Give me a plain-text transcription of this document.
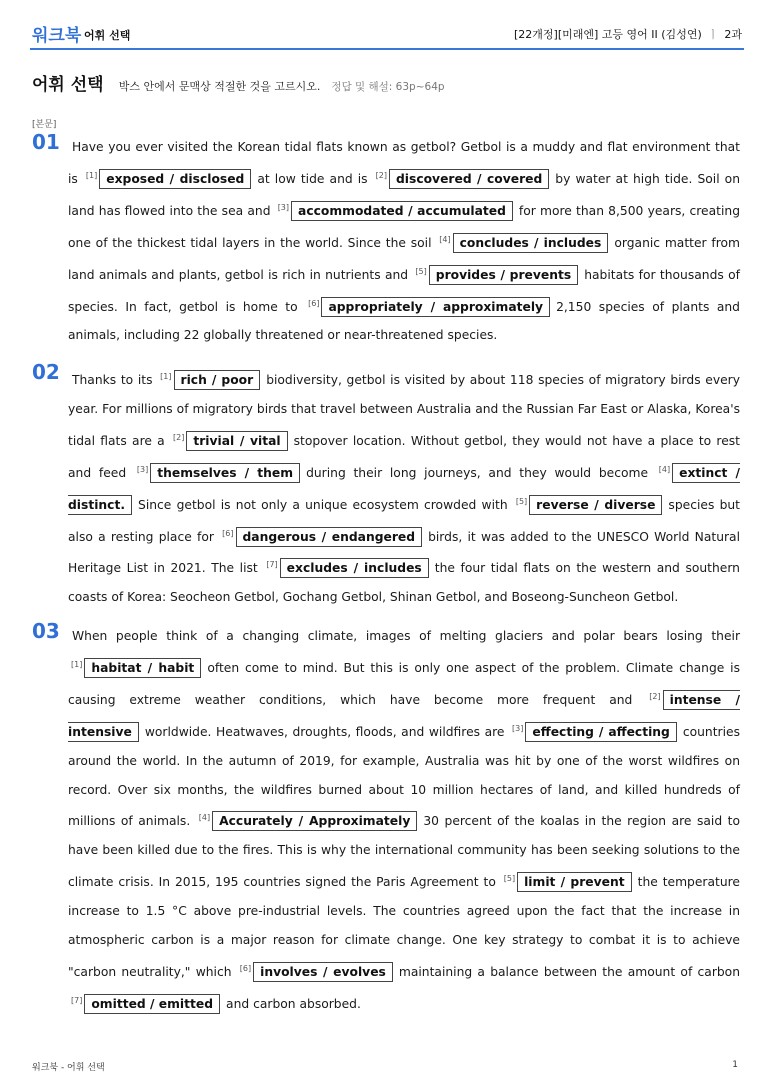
워크북 어휘 선택	[22개정][미래엔] 고등 영어 II (김성연) ㅣ 2과
어휘 선택 박스 안에서 문맥상 적절한 것을 고르시오. 정답 및 해설: 63p~64p
[본문]
01 Have you ever visited the Korean tidal flats known as getbol? Getbol is a muddy and flat environment that is [1] exposed / disclosed at low tide and is [2] discovered / covered by water at high tide. Soil on land has flowed into the sea and [3] accommodated / accumulated for more than 8,500 years, creating one of the thickest tidal layers in the world. Since the soil [4] concludes / includes organic matter from land animals and plants, getbol is rich in nutrients and [5] provides / prevents habitats for thousands of species. In fact, getbol is home to [6] appropriately / approximately 2,150 species of plants and animals, including 22 globally threatened or near-threatened species.
02 Thanks to its [1] rich / poor biodiversity, getbol is visited by about 118 species of migratory birds every year. For millions of migratory birds that travel between Australia and the Russian Far East or Alaska, Korea's tidal flats are a [2] trivial / vital stopover location. Without getbol, they would not have a place to rest and feed [3] themselves / them during their long journeys, and they would become [4] extinct / distinct. Since getbol is not only a unique ecosystem crowded with [5] reverse / diverse species but also a resting place for [6] dangerous / endangered birds, it was added to the UNESCO World Natural Heritage List in 2021. The list [7] excludes / includes the four tidal flats on the western and southern coasts of Korea: Seocheon Getbol, Gochang Getbol, Shinan Getbol, and Boseong-Suncheon Getbol.
03 When people think of a changing climate, images of melting glaciers and polar bears losing their [1] habitat / habit often come to mind. But this is only one aspect of the problem. Climate change is causing extreme weather conditions, which have become more frequent and [2] intense / intensive worldwide. Heatwaves, droughts, floods, and wildfires are [3] effecting / affecting countries around the world. In the autumn of 2019, for example, Australia was hit by one of the worst wildfires on record. Over six months, the wildfires burned about 10 million hectares of land, and killed hundreds of millions of animals. [4] Accurately / Approximately 30 percent of the koalas in the region are said to have been killed due to the fires. This is why the international community has been seeking solutions to the climate crisis. In 2015, 195 countries signed the Paris Agreement to [5] limit / prevent the temperature increase to 1.5 °C above pre-industrial levels. The countries agreed upon the fact that the increase in atmospheric carbon is a major reason for climate change. One key strategy to combat it is to achieve "carbon neutrality," which [6] involves / evolves maintaining a balance between the amount of carbon [7] omitted / emitted and carbon absorbed.
워크북 - 어휘 선택	1
